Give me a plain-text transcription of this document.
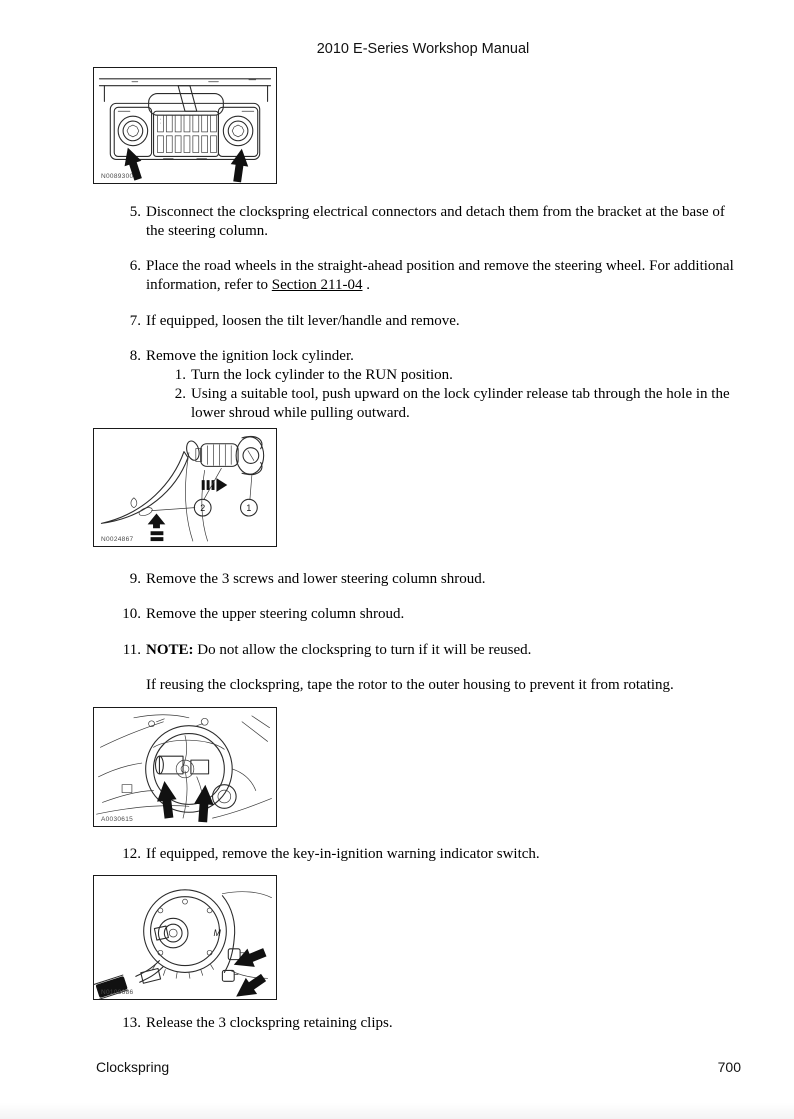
2010 E-Series Workshop Manual
N0089300
5. Disconnect the clockspring electrical connectors and detach them from the bracket at the base of the steering column.
6. Place the road wheels in the straight-ahead position and remove the steering wheel. For additional information, refer to Section 211-04 .
7. If equipped, loosen the tilt lever/handle and remove.
8. Remove the ignition lock cylinder.
1. Turn the lock cylinder to the RUN position.
2. Using a suitable tool, push upward on the lock cylinder release tab through the hole in the lower shroud while pulling outward.
2	1
N0024867
9. Remove the 3 screws and lower steering column shroud.
10. Remove the upper steering column shroud.
11. NOTE: Do not allow the clockspring to turn if it will be reused.
If reusing the clockspring, tape the rotor to the outer housing to prevent it from rotating.
A0030615
12. If equipped, remove the key-in-ignition warning indicator switch.
M
N0108686
13. Release the 3 clockspring retaining clips.
Clockspring	700
